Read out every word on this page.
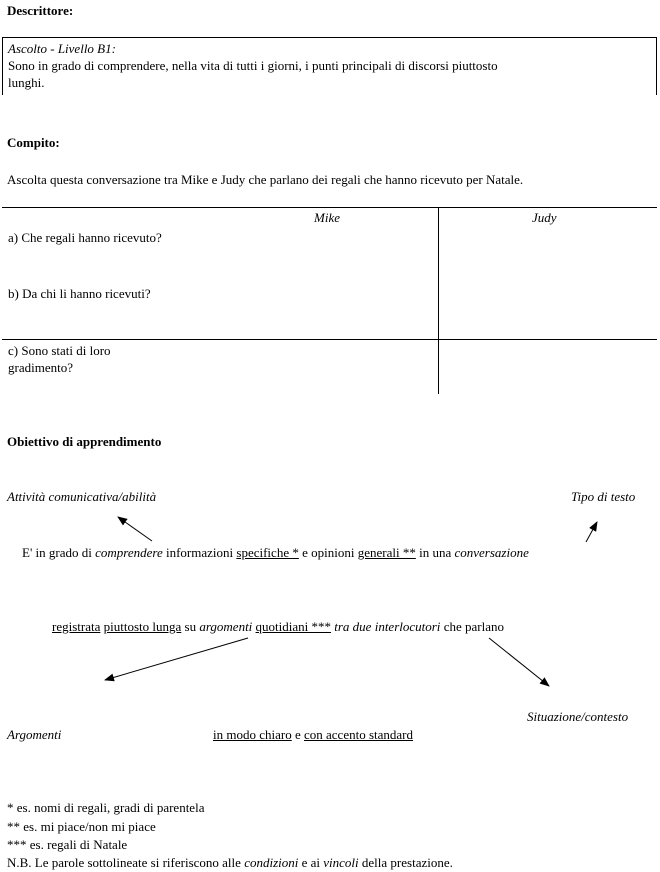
Descrittore:
Ascolto - Livello B1:
Sono in grado di comprendere, nella vita di tutti i giorni, i punti principali di discorsi piuttosto
lunghi.
Compito:
Ascolta questa conversazione tra Mike e Judy che parlano dei regali che hanno ricevuto per Natale.
Mike	Judy
a) Che regali hanno ricevuto?
b) Da chi li hanno ricevuti?
c) Sono stati di loro
gradimento?
Obiettivo di apprendimento
Attività comunicativa/abilità	Tipo di testo
E' in grado di comprendere informazioni specifiche * e opinioni generali ** in una conversazione
registrata piuttosto lunga su argomenti quotidiani *** tra due interlocutori che parlano
Situazione/contesto
Argomenti	in modo chiaro e con accento standard
* es. nomi di regali, gradi di parentela
** es. mi piace/non mi piace
*** es. regali di Natale
N.B. Le parole sottolineate si riferiscono alle condizioni e ai vincoli della prestazione.
